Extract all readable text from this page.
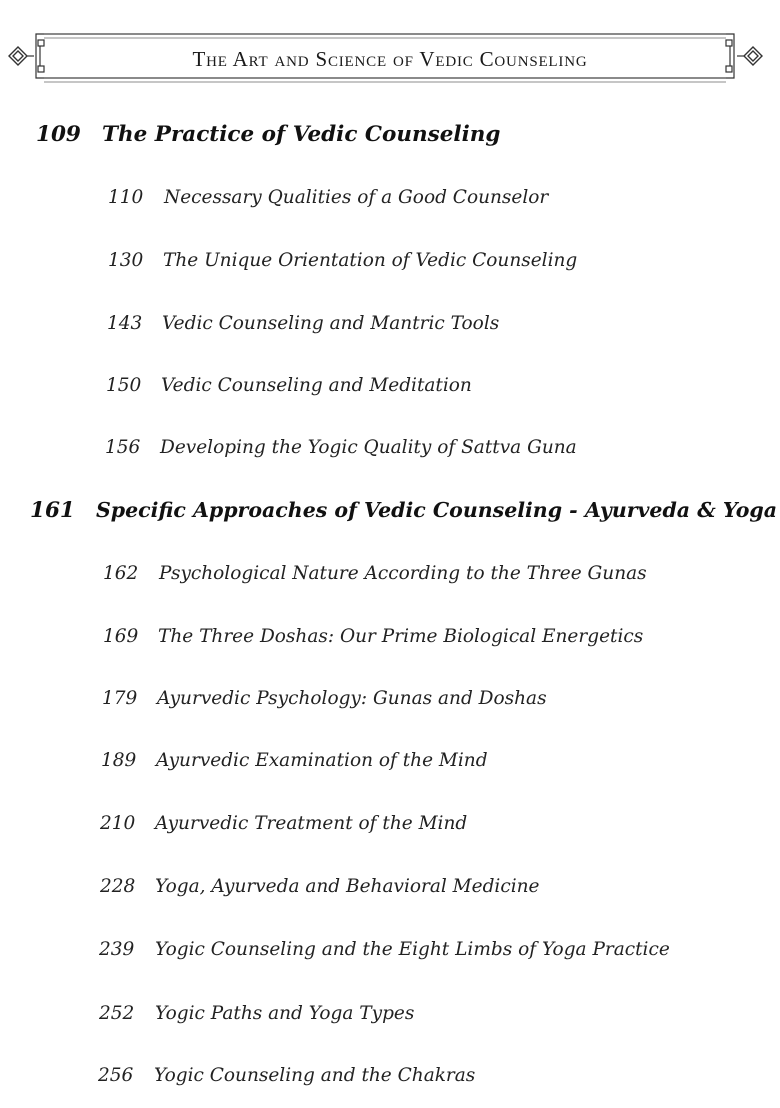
The Art and Science of Vedic Counseling
109 The Practice of Vedic Counseling
110 Necessary Qualities of a Good Counselor
130 The Unique Orientation of Vedic Counseling
143 Vedic Counseling and Mantric Tools
150 Vedic Counseling and Meditation
156 Developing the Yogic Quality of Sattva Guna
161 Specific Approaches of Vedic Counseling - Ayurveda & Yoga
162 Psychological Nature According to the Three Gunas
169 The Three Doshas: Our Prime Biological Energetics
179 Ayurvedic Psychology: Gunas and Doshas
189 Ayurvedic Examination of the Mind
210 Ayurvedic Treatment of the Mind
228 Yoga, Ayurveda and Behavioral Medicine
239 Yogic Counseling and the Eight Limbs of Yoga Practice
252 Yogic Paths and Yoga Types
256 Yogic Counseling and the Chakras
